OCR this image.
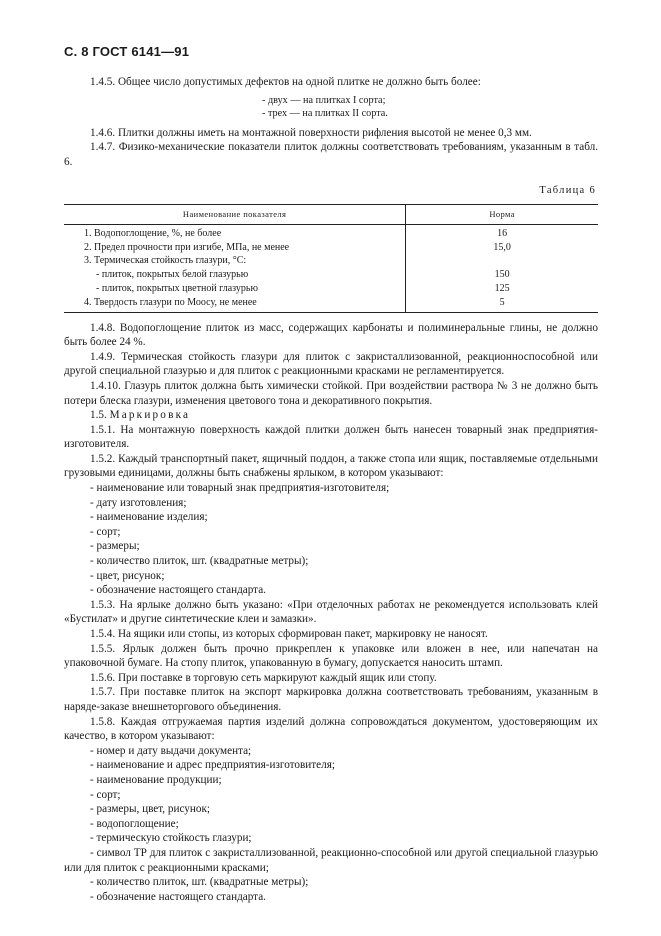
С. 8 ГОСТ 6141—91

1.4.5. Общее число допустимых дефектов на одной плитке не должно быть более:

- двух — на плитках I сорта;
- трех — на плитках II сорта.

1.4.6. Плитки должны иметь на монтажной поверхности рифления высотой не менее 0,3 мм.

1.4.7. Физико-механические показатели плиток должны соответствовать требованиям, указанным в табл. 6.

Таблица 6
Наименование показателя	Норма
1. Водопоглощение, %, не более	16
2. Предел прочности при изгибе, МПа, не менее	15,0
3. Термическая стойкость глазури, °С:	
- плиток, покрытых белой глазурью	150
- плиток, покрытых цветной глазурью	125
4. Твердость глазури по Моосу, не менее	5

1.4.8. Водопоглощение плиток из масс, содержащих карбонаты и полиминеральные глины, не должно быть более 24 %.

1.4.9. Термическая стойкость глазури для плиток с закристаллизованной, реакционноспособной или другой специальной глазурью и для плиток с реакционными красками не регламентируется.

1.4.10. Глазурь плиток должна быть химически стойкой. При воздействии раствора № 3 не должно быть потери блеска глазури, изменения цветового тона и декоративного покрытия.

1.5. Маркировка

1.5.1. На монтажную поверхность каждой плитки должен быть нанесен товарный знак предприятия-изготовителя.

1.5.2. Каждый транспортный пакет, ящичный поддон, а также стопа или ящик, поставляемые отдельными грузовыми единицами, должны быть снабжены ярлыком, в котором указывают:

- наименование или товарный знак предприятия-изготовителя;

- дату изготовления;

- наименование изделия;

- сорт;

- размеры;

- количество плиток, шт. (квадратные метры);

- цвет, рисунок;

- обозначение настоящего стандарта.

1.5.3. На ярлыке должно быть указано: «При отделочных работах не рекомендуется использовать клей «Бустилат» и другие синтетические клеи и замазки».

1.5.4. На ящики или стопы, из которых сформирован пакет, маркировку не наносят.

1.5.5. Ярлык должен быть прочно прикреплен к упаковке или вложен в нее, или напечатан на упаковочной бумаге. На стопу плиток, упакованную в бумагу, допускается наносить штамп.

1.5.6. При поставке в торговую сеть маркируют каждый ящик или стопу.

1.5.7. При поставке плиток на экспорт маркировка должна соответствовать требованиям, указанным в наряде-заказе внешнеторгового объединения.

1.5.8. Каждая отгружаемая партия изделий должна сопровождаться документом, удостоверяющим их качество, в котором указывают:

- номер и дату выдачи документа;

- наименование и адрес предприятия-изготовителя;

- наименование продукции;

- сорт;

- размеры, цвет, рисунок;

- водопоглощение;

- термическую стойкость глазури;

- символ ТР для плиток с закристаллизованной, реакционно-способной или другой специальной глазурью или для плиток с реакционными красками;

- количество плиток, шт. (квадратные метры);

- обозначение настоящего стандарта.
